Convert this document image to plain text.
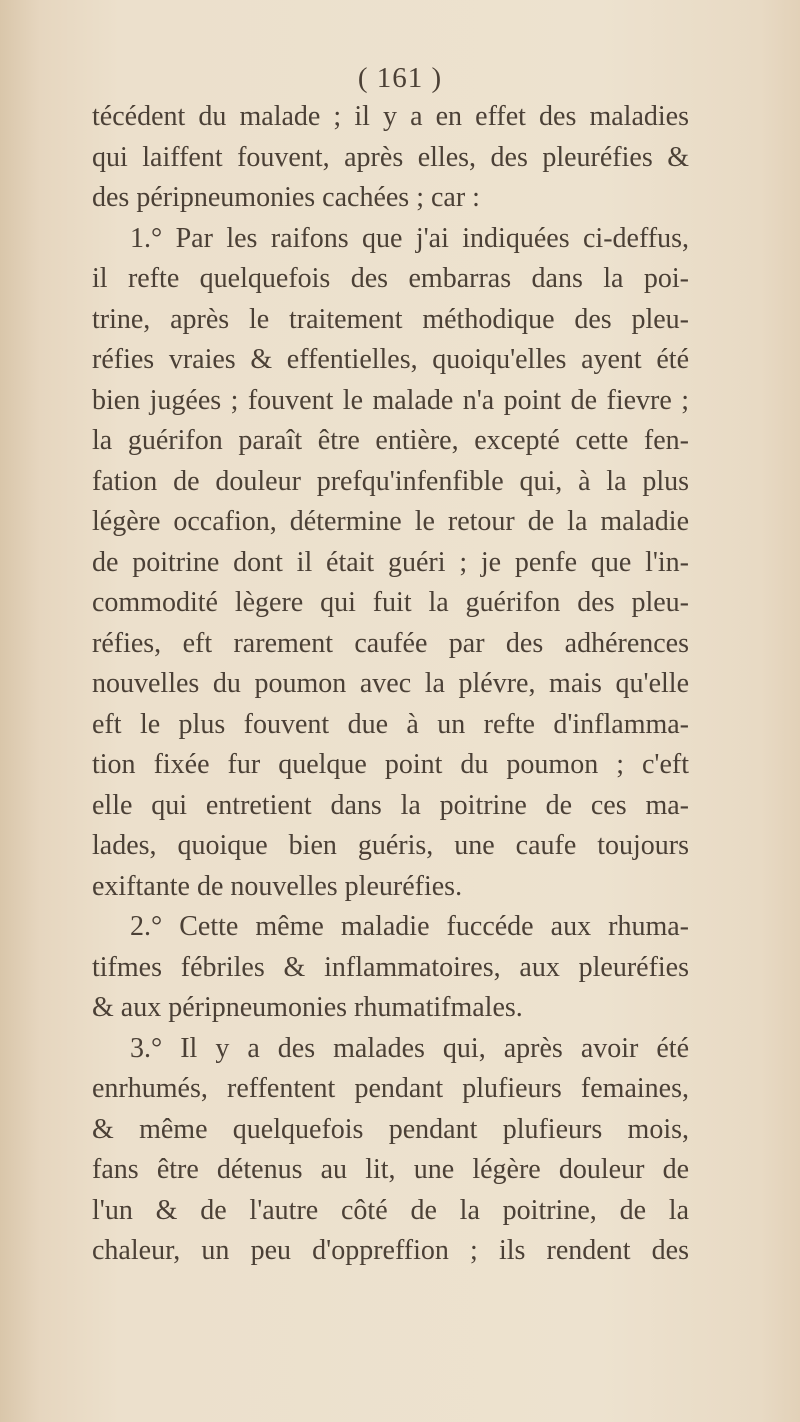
( 161 )
técédent du malade ; il y a en effet des maladies
qui laiffent fouvent, après elles, des pleuréfies &
des péripneumonies cachées ; car :
1.° Par les raifons que j'ai indiquées ci-deffus,
il refte quelquefois des embarras dans la poi-
trine, après le traitement méthodique des pleu-
réfies vraies & effentielles, quoiqu'elles ayent été
bien jugées ; fouvent le malade n'a point de fievre ;
la guérifon paraît être entière, excepté cette fen-
fation de douleur prefqu'infenfible qui, à la plus
légère occafion, détermine le retour de la maladie
de poitrine dont il était guéri ; je penfe que l'in-
commodité lègere qui fuit la guérifon des pleu-
réfies, eft rarement caufée par des adhérences
nouvelles du poumon avec la plévre, mais qu'elle
eft le plus fouvent due à un refte d'inflamma-
tion fixée fur quelque point du poumon ; c'eft
elle qui entretient dans la poitrine de ces ma-
lades, quoique bien guéris, une caufe toujours
exiftante de nouvelles pleuréfies.
2.° Cette même maladie fuccéde aux rhuma-
tifmes fébriles & inflammatoires, aux pleuréfies
& aux péripneumonies rhumatifmales.
3.° Il y a des malades qui, après avoir été
enrhumés, reffentent pendant plufieurs femaines,
& même quelquefois pendant plufieurs mois,
fans être détenus au lit, une légère douleur de
l'un & de l'autre côté de la poitrine, de la
chaleur, un peu d'oppreffion ; ils rendent des
